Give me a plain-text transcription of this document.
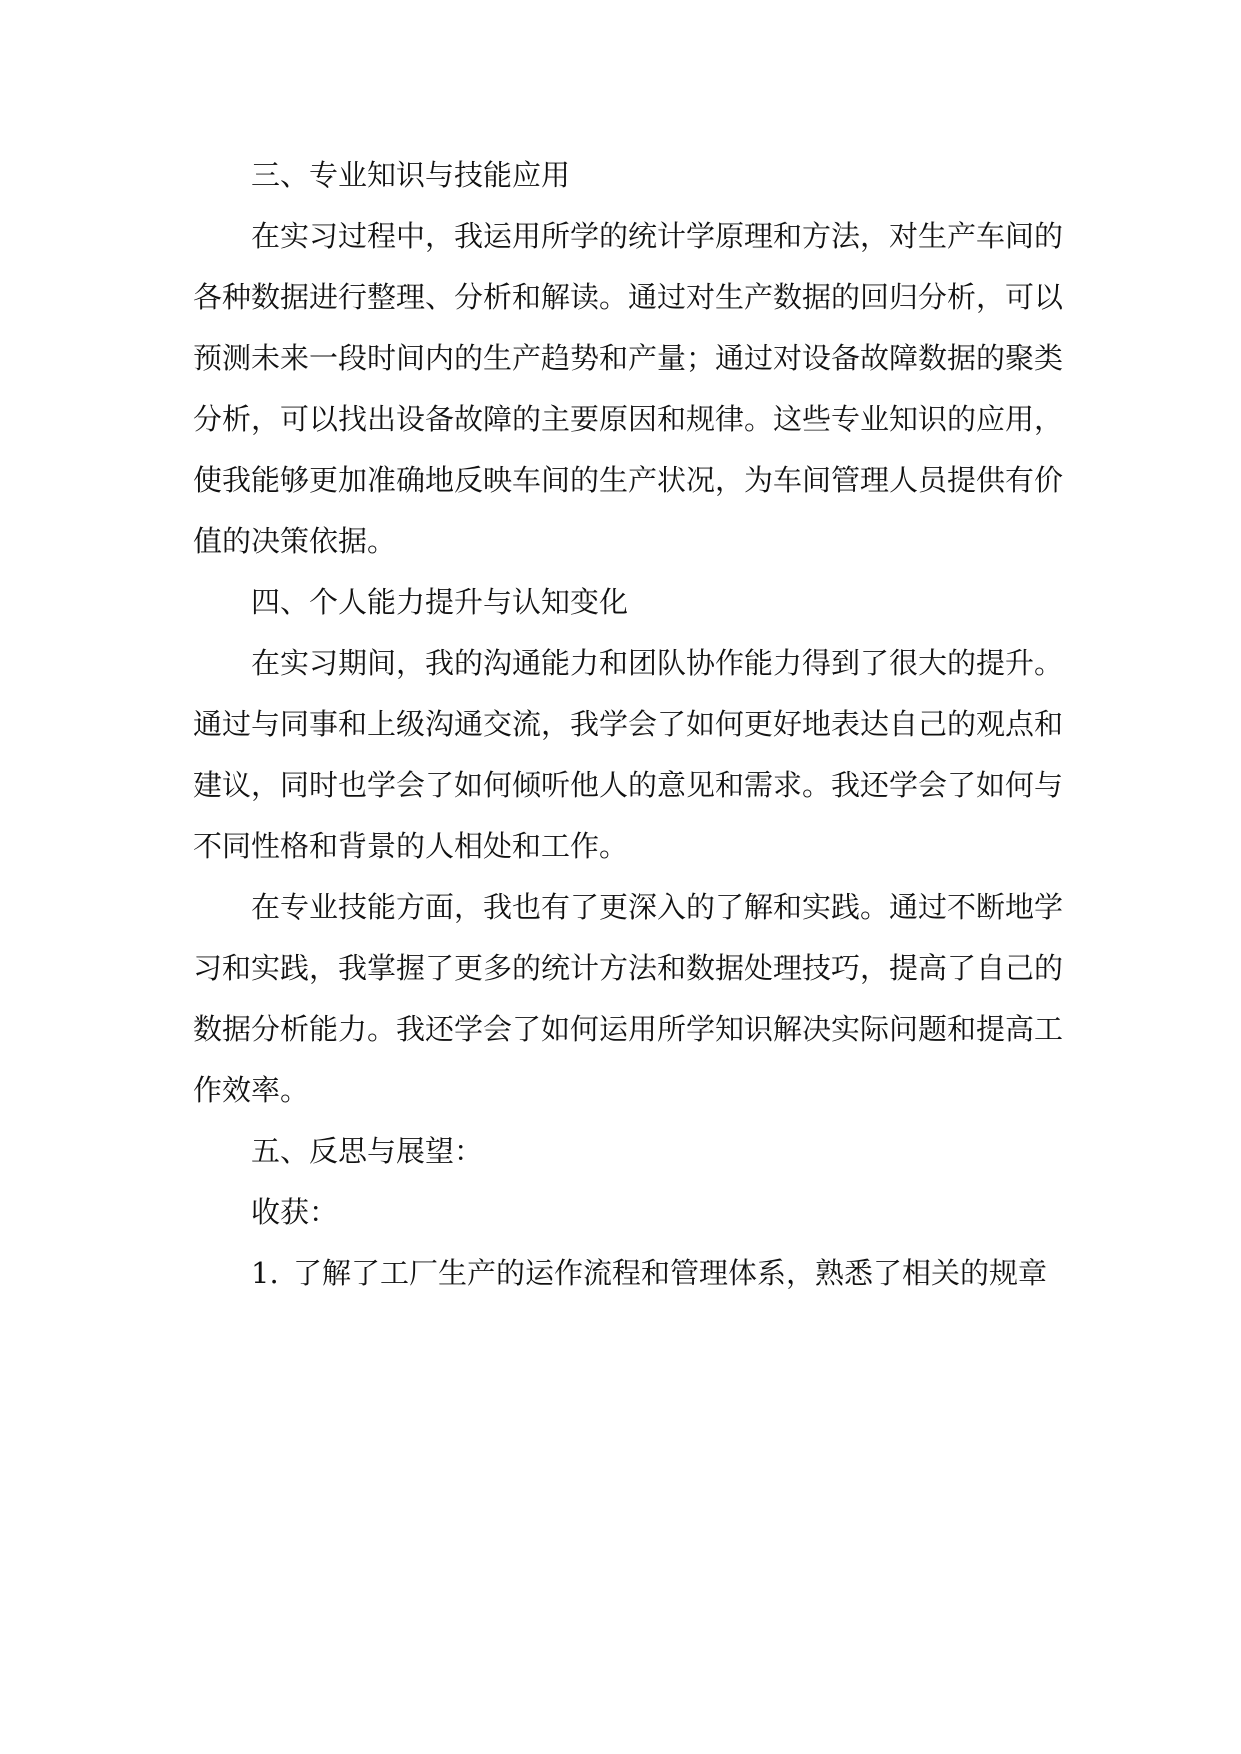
三、专业知识与技能应用

在实习过程中，我运用所学的统计学原理和方法，对生产车间的各种数据进行整理、分析和解读。通过对生产数据的回归分析，可以预测未来一段时间内的生产趋势和产量；通过对设备故障数据的聚类分析，可以找出设备故障的主要原因和规律。这些专业知识的应用，使我能够更加准确地反映车间的生产状况，为车间管理人员提供有价值的决策依据。

四、个人能力提升与认知变化

在实习期间，我的沟通能力和团队协作能力得到了很大的提升。通过与同事和上级沟通交流，我学会了如何更好地表达自己的观点和建议，同时也学会了如何倾听他人的意见和需求。我还学会了如何与不同性格和背景的人相处和工作。

在专业技能方面，我也有了更深入的了解和实践。通过不断地学习和实践，我掌握了更多的统计方法和数据处理技巧，提高了自己的数据分析能力。我还学会了如何运用所学知识解决实际问题和提高工作效率。

五、反思与展望：

收获：

1. 了解了工厂生产的运作流程和管理体系，熟悉了相关的规章
